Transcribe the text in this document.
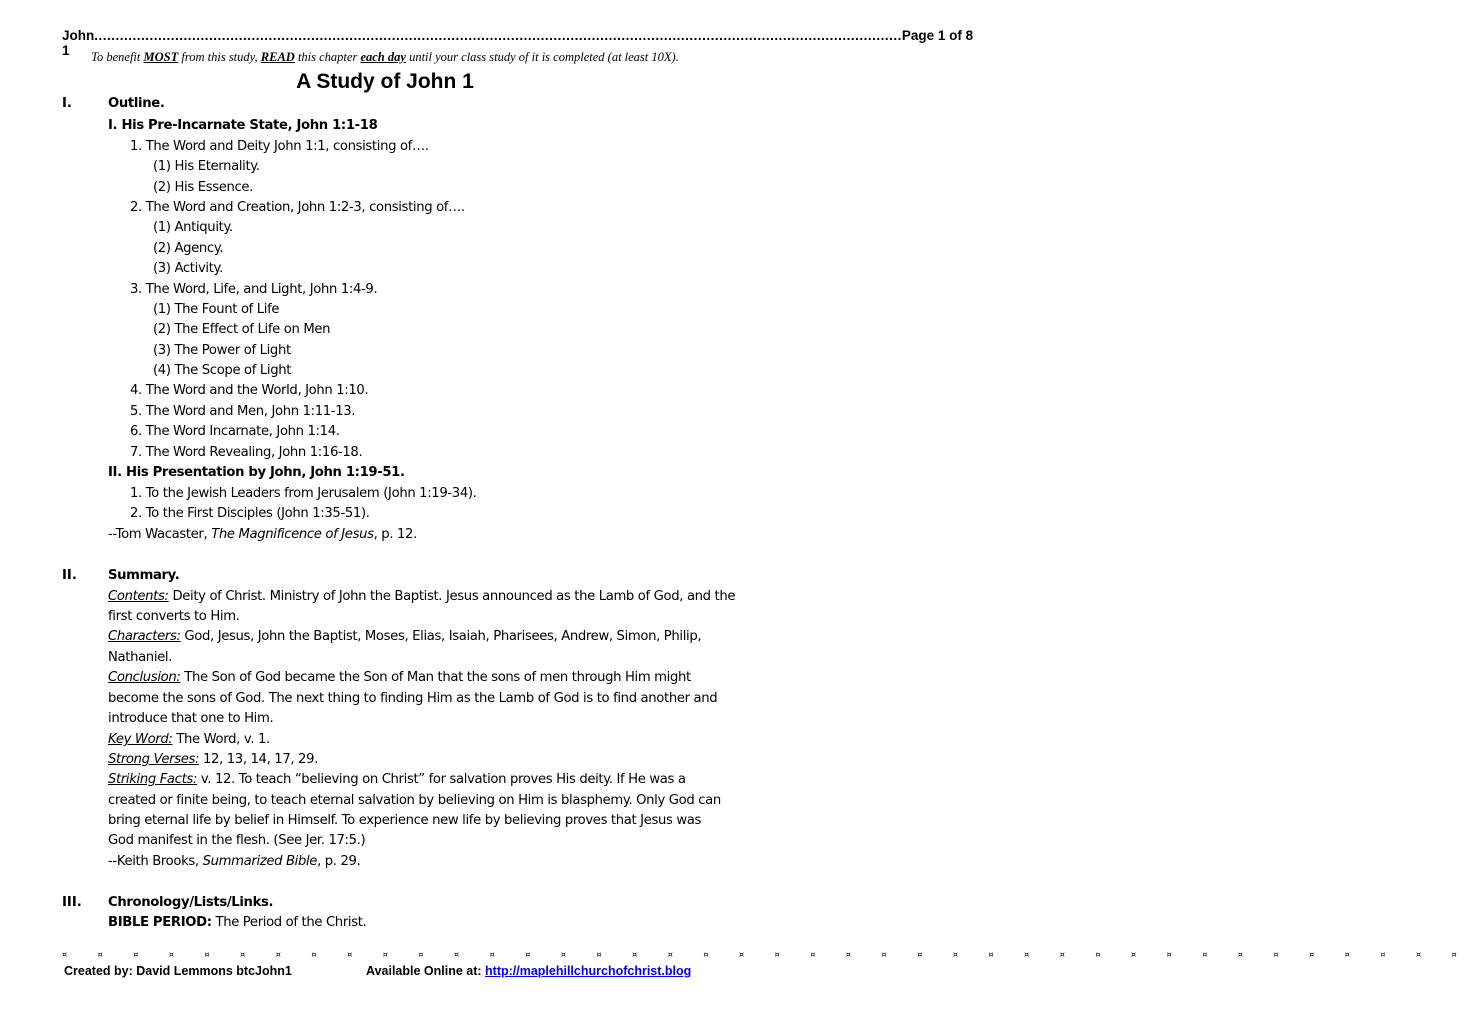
John 1
.............................................................................................................................................................................................. Page 1 of 8
To benefit MOST from this study, READ this chapter each day until your class study of it is completed (at least 10X).
A Study of John 1
I.	Outline.
I. His Pre-Incarnate State, John 1:1-18
1. The Word and Deity John 1:1, consisting of….
(1) His Eternality.
(2) His Essence.
2. The Word and Creation, John 1:2-3, consisting of….
(1) Antiquity.
(2) Agency.
(3) Activity.
3. The Word, Life, and Light, John 1:4-9.
(1) The Fount of Life
(2) The Effect of Life on Men
(3) The Power of Light
(4) The Scope of Light
4. The Word and the World, John 1:10.
5. The Word and Men, John 1:11-13.
6. The Word Incarnate, John 1:14.
7. The Word Revealing, John 1:16-18.
II. His Presentation by John, John 1:19-51.
1. To the Jewish Leaders from Jerusalem (John 1:19-34).
2. To the First Disciples (John 1:35-51).
--Tom Wacaster, The Magnificence of Jesus, p. 12.
II. Summary.
Contents: Deity of Christ. Ministry of John the Baptist. Jesus announced as the Lamb of God, and the
first converts to Him.
Characters: God, Jesus, John the Baptist, Moses, Elias, Isaiah, Pharisees, Andrew, Simon, Philip,
Nathaniel.
Conclusion: The Son of God became the Son of Man that the sons of men through Him might
become the sons of God. The next thing to finding Him as the Lamb of God is to find another and
introduce that one to Him.
Key Word: The Word, v. 1.
Strong Verses: 12, 13, 14, 17, 29.
Striking Facts: v. 12. To teach “believing on Christ” for salvation proves His deity. If He was a
created or finite being, to teach eternal salvation by believing on Him is blasphemy. Only God can
bring eternal life by belief in Himself. To experience new life by believing proves that Jesus was
God manifest in the flesh. (See Jer. 17:5.)
--Keith Brooks, Summarized Bible, p. 29.
III. Chronology/Lists/Links.
BIBLE PERIOD: The Period of the Christ.
¤ ¤ ¤ ¤ ¤ ¤ ¤ ¤ ¤ ¤ ¤ ¤ ¤ ¤ ¤ ¤ ¤ ¤ ¤ ¤ ¤ ¤ ¤ ¤ ¤ ¤ ¤ ¤ ¤ ¤ ¤ ¤ ¤ ¤ ¤ ¤ ¤ ¤ ¤ ¤
Created by: David Lemmons btcJohn1	Available Online at: http://maplehillchurchofchrist.blog
